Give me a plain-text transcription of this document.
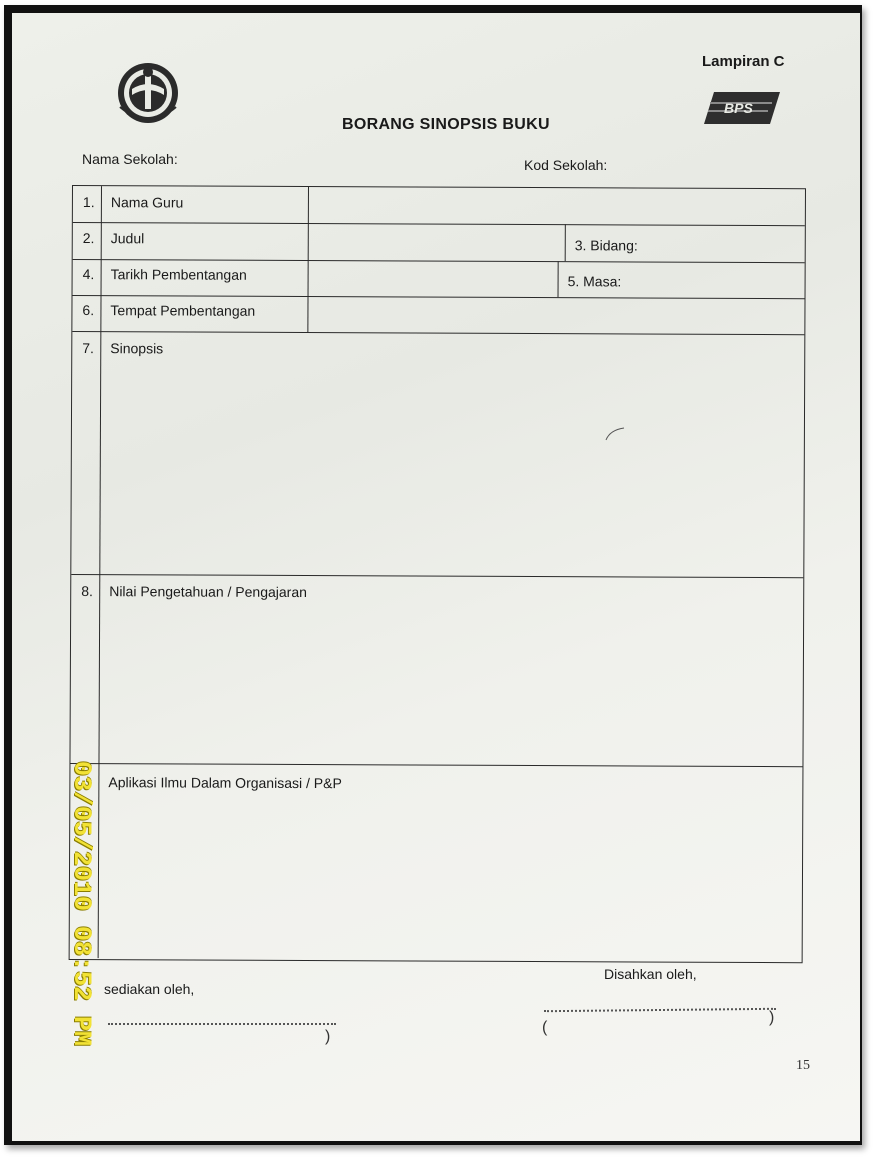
Lampiran C
BPS
BORANG SINOPSIS BUKU
Nama Sekolah:	Kod Sekolah:
1. Nama Guru
2. Judul	3. Bidang:
4. Tarikh Pembentangan	5. Masa:
6. Tempat Pembentangan
7. Sinopsis
8. Nilai Pengetahuan / Pengajaran
Aplikasi Ilmu Dalam Organisasi / P&P
sediakan oleh,
)
Disahkan oleh,
(
)
15
03/05/2010 08:52 PM
